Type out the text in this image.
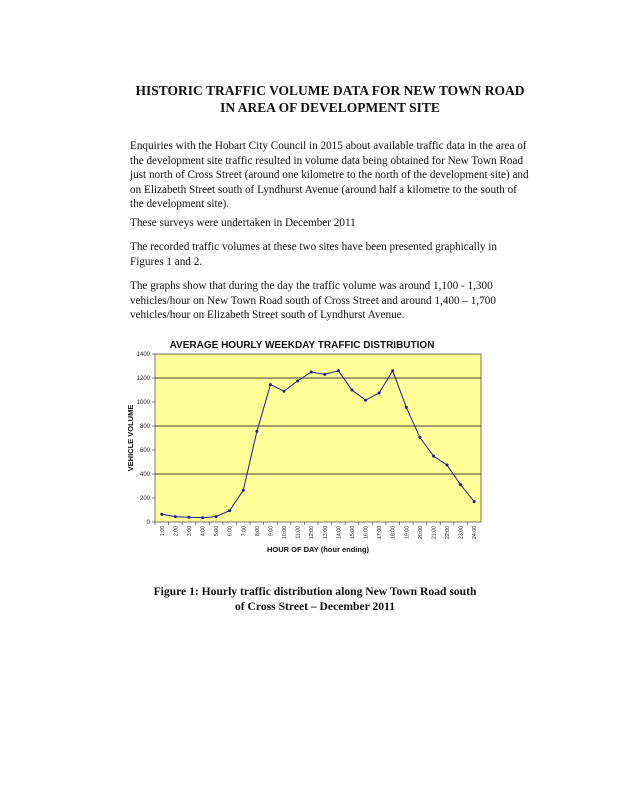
HISTORIC TRAFFIC VOLUME DATA FOR NEW TOWN ROAD
IN AREA OF DEVELOPMENT SITE

Enquiries with the Hobart City Council in 2015 about available traffic data in the area of the development site traffic resulted in volume data being obtained for New Town Road just north of Cross Street (around one kilometre to the north of the development site) and on Elizabeth Street south of Lyndhurst Avenue (around half a kilometre to the south of the development site).

These surveys were undertaken in December 2011

The recorded traffic volumes at these two sites have been presented graphically in Figures 1 and 2.

The graphs show that during the day the traffic volume was around 1,100 - 1,300 vehicles/hour on New Town Road south of Cross Street and around 1,400 – 1,700 vehicles/hour on Elizabeth Street south of Lyndhurst Avenue.

AVERAGE HOURLY WEEKDAY TRAFFIC DISTRIBUTION
0
200
400
600
800
1000
1200
1400
1:00 2:00 3:00 4:00 5:00 6:00 7:00 8:00 9:00 10:00 11:00 12:00 13:00 14:00 15:00 16:00 17:00 18:00 19:00 20:00 21:00 22:00 23:00 24:00
VEHICLE VOLUME
HOUR OF DAY (hour ending)
Figure 1: Hourly traffic distribution along New Town Road south
of Cross Street – December 2011
